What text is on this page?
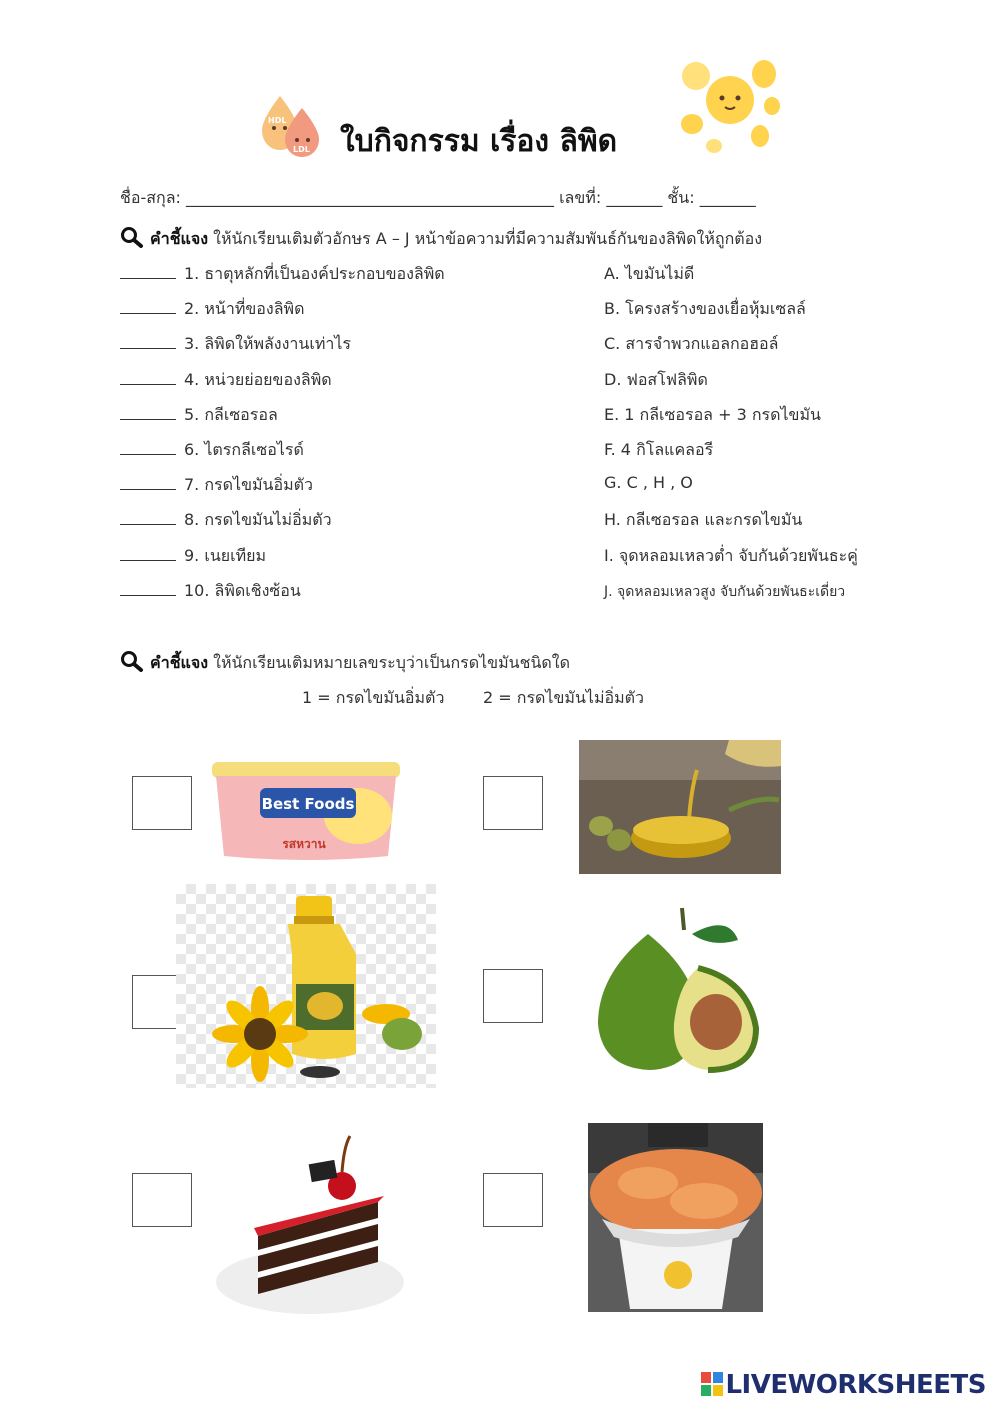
HDL
LDL ใบกิจกรรม เรื่อง ลิพิด
ชื่อ-สกุล: ______________________________________________ เลขที่: _______ ชั้น: _______
คำชี้แจง ให้นักเรียนเติมตัวอักษร A – J หน้าข้อความที่มีความสัมพันธ์กันของลิพิดให้ถูกต้อง
1. ธาตุหลักที่เป็นองค์ประกอบของลิพิด
2. หน้าที่ของลิพิด
3. ลิพิดให้พลังงานเท่าไร
4. หน่วยย่อยของลิพิด
5. กลีเซอรอล
6. ไตรกลีเซอไรด์
7. กรดไขมันอิ่มตัว
8. กรดไขมันไม่อิ่มตัว
9. เนยเทียม
10. ลิพิดเชิงซ้อน
A. ไขมันไม่ดี
B. โครงสร้างของเยื่อหุ้มเซลล์
C. สารจำพวกแอลกอฮอล์
D. ฟอสโฟลิพิด
E. 1 กลีเซอรอล + 3 กรดไขมัน
F. 4 กิโลแคลอรี
G. C , H , O
H. กลีเซอรอล และกรดไขมัน
I. จุดหลอมเหลวต่ำ จับกันด้วยพันธะคู่
J. จุดหลอมเหลวสูง จับกันด้วยพันธะเดี่ยว
คำชี้แจง ให้นักเรียนเติมหมายเลขระบุว่าเป็นกรดไขมันชนิดใด
1 = กรดไขมันอิ่มตัว 2 = กรดไขมันไม่อิ่มตัว
Best Foods
รสหวาน
LIVEWORKSHEETS
